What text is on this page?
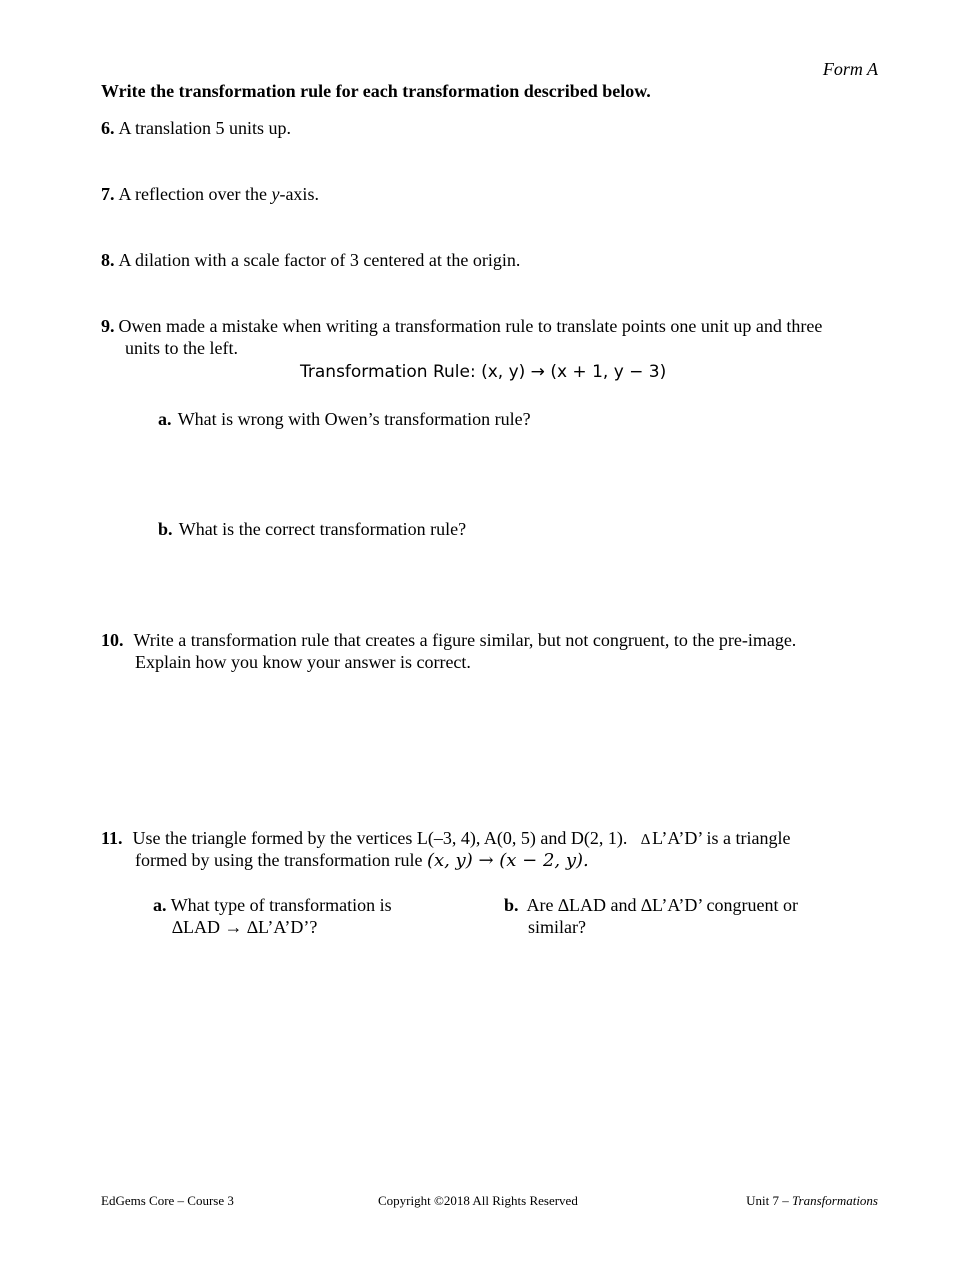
Form A
Write the transformation rule for each transformation described below.
6. A translation 5 units up.
7. A reflection over the y-axis.
8. A dilation with a scale factor of 3 centered at the origin.
9. Owen made a mistake when writing a transformation rule to translate points one unit up and three
units to the left.
Transformation Rule: (x, y) → (x + 1, y − 3)
a. What is wrong with Owen’s transformation rule?
b. What is the correct transformation rule?
10. Write a transformation rule that creates a figure similar, but not congruent, to the pre-image.
Explain how you know your answer is correct.
11. Use the triangle formed by the vertices L(–3, 4), A(0, 5) and D(2, 1). ∆ L’A’D’ is a triangle
formed by using the transformation rule (x, y) → (x − 2, y).
a. What type of transformation is
∆LAD → ∆L’A’D’?
b. Are ∆LAD and ∆L’A’D’ congruent or
similar?
EdGems Core – Course 3	Copyright ©2018 All Rights Reserved	Unit 7 – Transformations
